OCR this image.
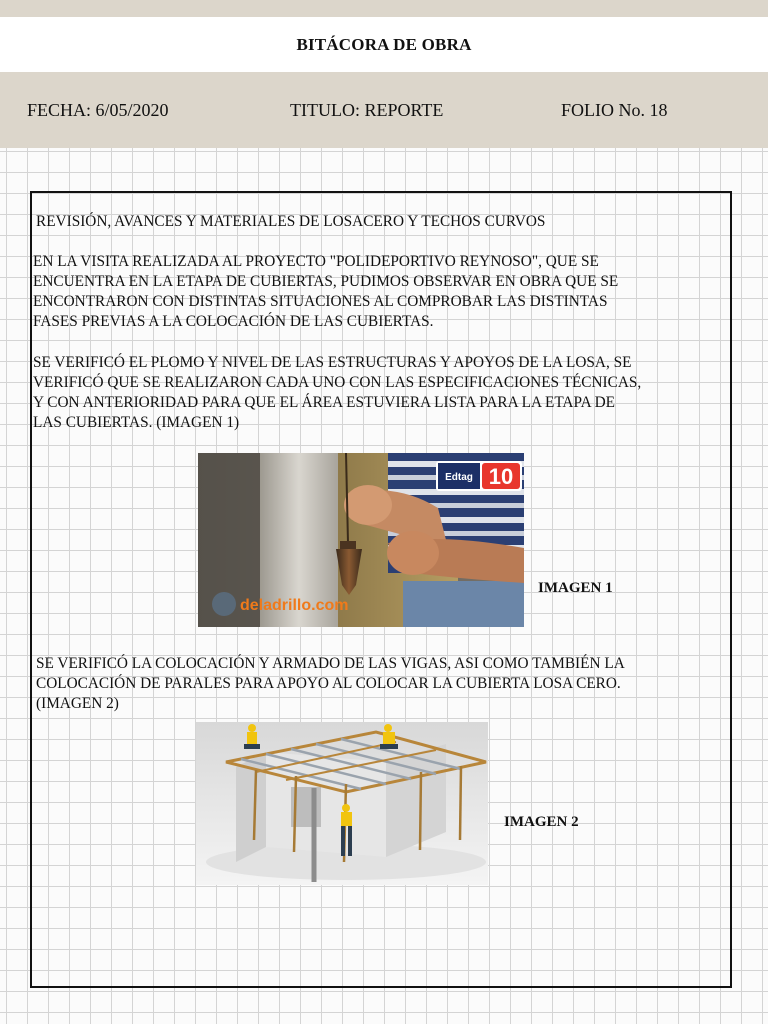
BITÁCORA DE OBRA
FECHA: 6/05/2020	TITULO: REPORTE	FOLIO No. 18
REVISIÓN, AVANCES Y MATERIALES DE LOSACERO Y TECHOS CURVOS
EN LA VISITA REALIZADA AL PROYECTO "POLIDEPORTIVO REYNOSO", QUE SE
ENCUENTRA EN LA ETAPA DE CUBIERTAS, PUDIMOS OBSERVAR EN OBRA QUE SE
ENCONTRARON CON DISTINTAS SITUACIONES AL COMPROBAR LAS DISTINTAS
FASES PREVIAS A LA COLOCACIÓN DE LAS CUBIERTAS.
SE VERIFICÓ EL PLOMO Y NIVEL DE LAS ESTRUCTURAS Y APOYOS DE LA LOSA, SE
VERIFICÓ QUE SE REALIZARON CADA UNO CON LAS ESPECIFICACIONES TÉCNICAS,
Y CON ANTERIORIDAD PARA QUE EL ÁREA ESTUVIERA LISTA PARA LA ETAPA DE
LAS CUBIERTAS. (IMAGEN 1)
Edtag 10
deladrillo.com
IMAGEN 1
SE VERIFICÓ LA COLOCACIÓN Y ARMADO DE LAS VIGAS, ASI COMO TAMBIÉN LA
COLOCACIÓN DE PARALES PARA APOYO AL COLOCAR LA CUBIERTA LOSA CERO.
(IMAGEN 2)
IMAGEN 2
